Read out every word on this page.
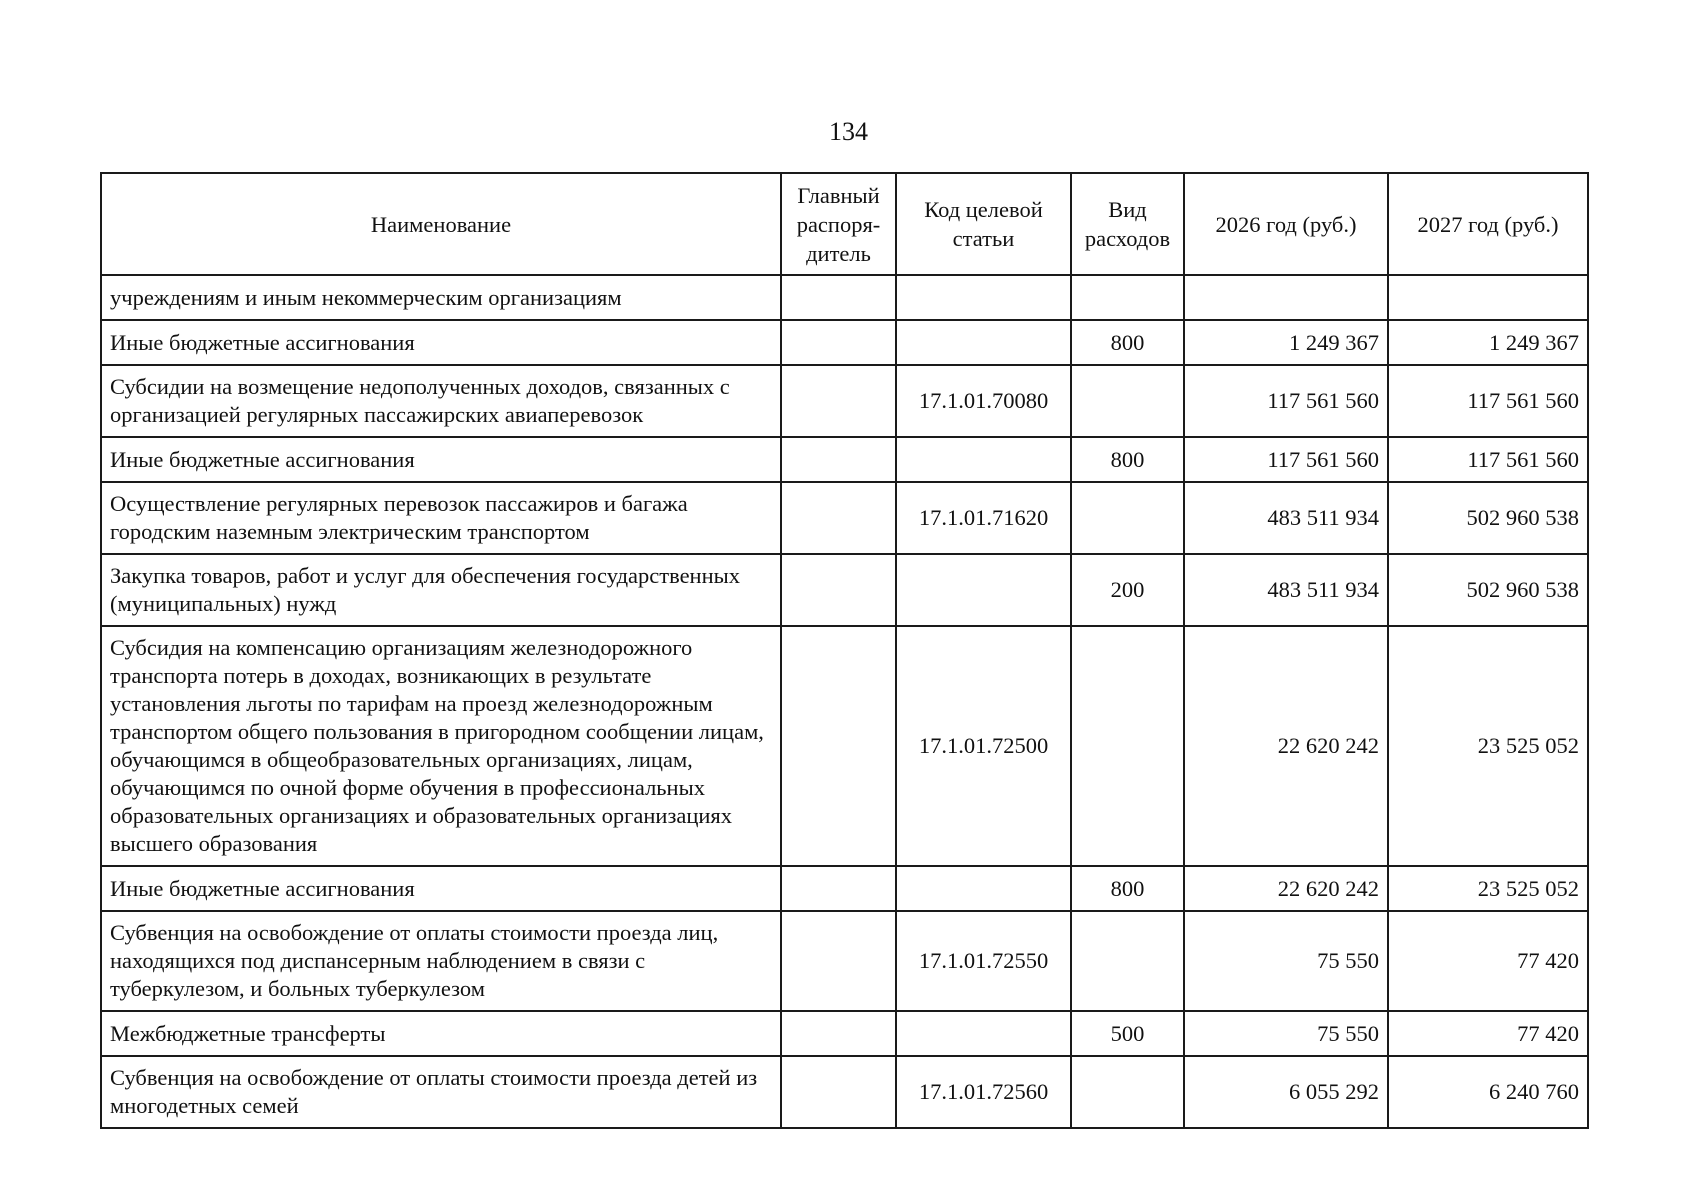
134
Наименование	Главный распоря-дитель	Код целевой статьи	Вид расходов	2026 год (руб.)	2027 год (руб.)
учреждениям и иным некоммерческим организациям					
Иные бюджетные ассигнования			800	1 249 367	1 249 367
Субсидии на возмещение недополученных доходов, связанных с организацией регулярных пассажирских авиаперевозок		17.1.01.70080		117 561 560	117 561 560
Иные бюджетные ассигнования			800	117 561 560	117 561 560
Осуществление регулярных перевозок пассажиров и багажа городским наземным электрическим транспортом		17.1.01.71620		483 511 934	502 960 538
Закупка товаров, работ и услуг для обеспечения государственных (муниципальных) нужд			200	483 511 934	502 960 538
Субсидия на компенсацию организациям железнодорожного транспорта потерь в доходах, возникающих в результате установления льготы по тарифам на проезд железнодорожным транспортом общего пользования в пригородном сообщении лицам, обучающимся в общеобразовательных организациях, лицам, обучающимся по очной форме обучения в профессиональных образовательных организациях и образовательных организациях высшего образования		17.1.01.72500		22 620 242	23 525 052
Иные бюджетные ассигнования			800	22 620 242	23 525 052
Субвенция на освобождение от оплаты стоимости проезда лиц, находящихся под диспансерным наблюдением в связи с туберкулезом, и больных туберкулезом		17.1.01.72550		75 550	77 420
Межбюджетные трансферты			500	75 550	77 420
Субвенция на освобождение от оплаты стоимости проезда детей из многодетных семей		17.1.01.72560		6 055 292	6 240 760
